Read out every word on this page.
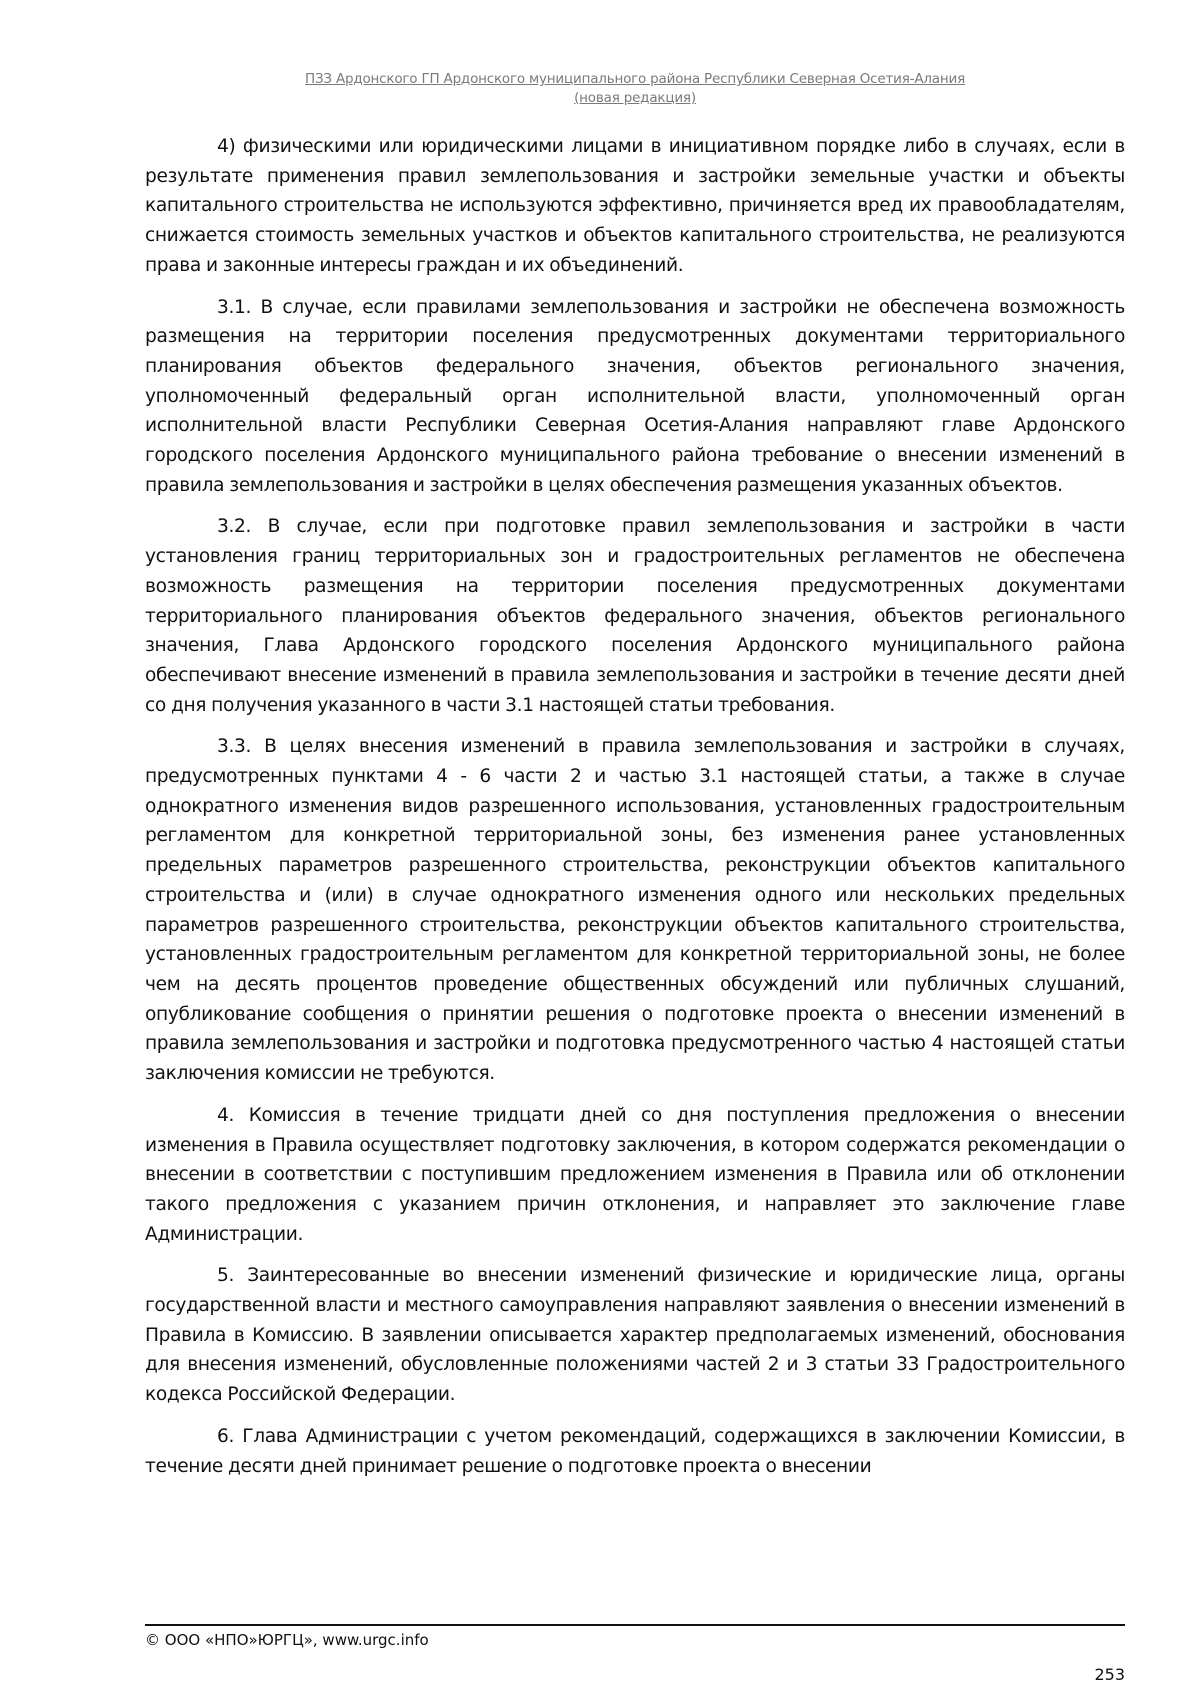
ПЗЗ Ардонского ГП Ардонского муниципального района Республики Северная Осетия-Алания
(новая редакция)

4) физическими или юридическими лицами в инициативном порядке либо в случаях, если в результате применения правил землепользования и застройки земельные участки и объекты капитального строительства не используются эффективно, причиняется вред их правообладателям, снижается стоимость земельных участков и объектов капитального строительства, не реализуются права и законные интересы граждан и их объединений.

3.1. В случае, если правилами землепользования и застройки не обеспечена возможность размещения на территории поселения предусмотренных документами территориального планирования объектов федерального значения, объектов регионального значения, уполномоченный федеральный орган исполнительной власти, уполномоченный орган исполнительной власти Республики Северная Осетия-Алания направляют главе Ардонского городского поселения Ардонского муниципального района требование о внесении изменений в правила землепользования и застройки в целях обеспечения размещения указанных объектов.

3.2. В случае, если при подготовке правил землепользования и застройки в части установления границ территориальных зон и градостроительных регламентов не обеспечена возможность размещения на территории поселения предусмотренных документами территориального планирования объектов федерального значения, объектов регионального значения, Глава Ардонского городского поселения Ардонского муниципального района обеспечивают внесение изменений в правила землепользования и застройки в течение десяти дней со дня получения указанного в части 3.1 настоящей статьи требования.

3.3. В целях внесения изменений в правила землепользования и застройки в случаях, предусмотренных пунктами 4 - 6 части 2 и частью 3.1 настоящей статьи, а также в случае однократного изменения видов разрешенного использования, установленных градостроительным регламентом для конкретной территориальной зоны, без изменения ранее установленных предельных параметров разрешенного строительства, реконструкции объектов капитального строительства и (или) в случае однократного изменения одного или нескольких предельных параметров разрешенного строительства, реконструкции объектов капитального строительства, установленных градостроительным регламентом для конкретной территориальной зоны, не более чем на десять процентов проведение общественных обсуждений или публичных слушаний, опубликование сообщения о принятии решения о подготовке проекта о внесении изменений в правила землепользования и застройки и подготовка предусмотренного частью 4 настоящей статьи заключения комиссии не требуются.

4. Комиссия в течение тридцати дней со дня поступления предложения о внесении изменения в Правила осуществляет подготовку заключения, в котором содержатся рекомендации о внесении в соответствии с поступившим предложением изменения в Правила или об отклонении такого предложения с указанием причин отклонения, и направляет это заключение главе Администрации.

5. Заинтересованные во внесении изменений физические и юридические лица, органы государственной власти и местного самоуправления направляют заявления о внесении изменений в Правила в Комиссию. В заявлении описывается характер предполагаемых изменений, обоснования для внесения изменений, обусловленные положениями частей 2 и 3 статьи 33 Градостроительного кодекса Российской Федерации.

6. Глава Администрации с учетом рекомендаций, содержащихся в заключении Комиссии, в течение десяти дней принимает решение о подготовке проекта о внесении

© ООО «НПО»ЮРГЦ», www.urgc.info
253
